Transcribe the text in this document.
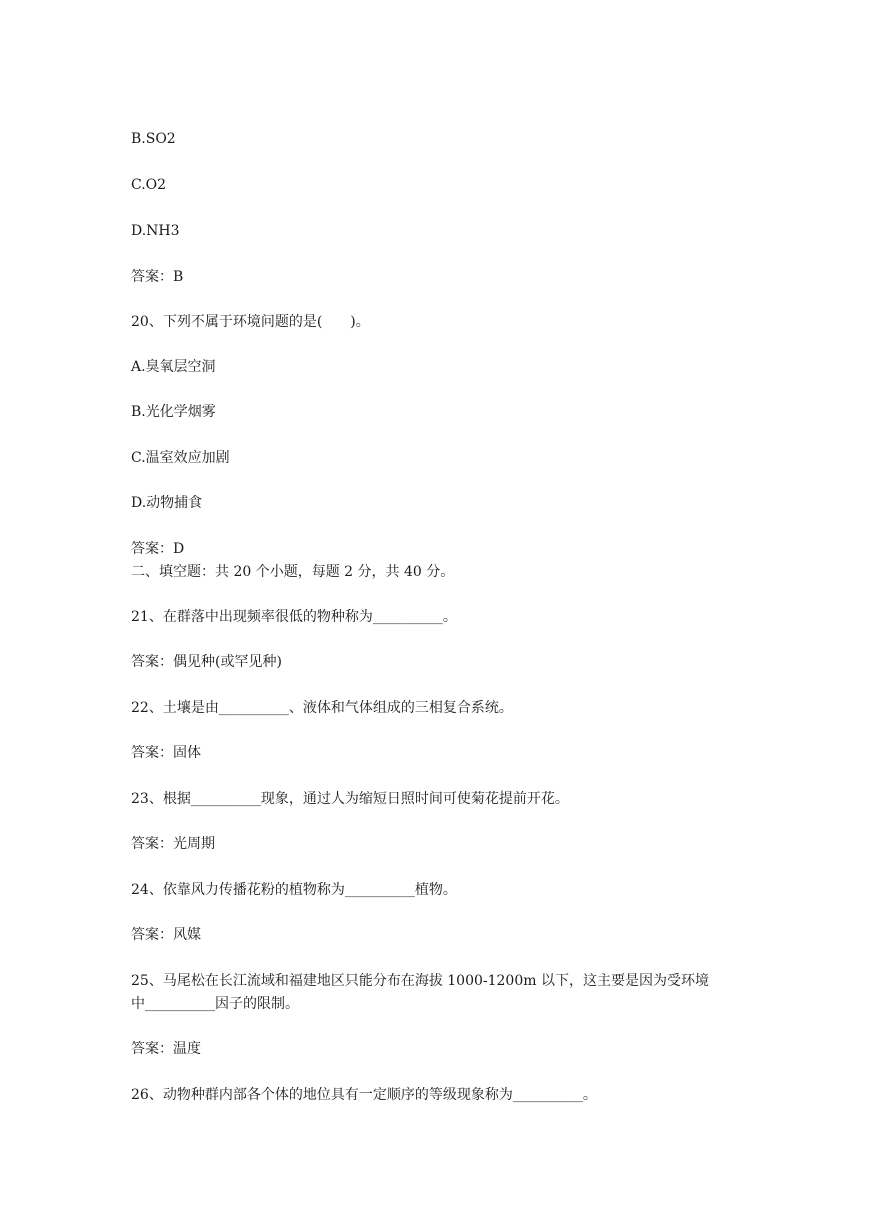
B.SO2
C.O2
D.NH3
答案：B
20、下列不属于环境问题的是(　　)。
A.臭氧层空洞
B.光化学烟雾
C.温室效应加剧
D.动物捕食
答案：D
二、填空题：共 20 个小题，每题 2 分，共 40 分。
21、在群落中出现频率很低的物种称为__________。
答案：偶见种(或罕见种)
22、土壤是由__________、液体和气体组成的三相复合系统。
答案：固体
23、根据__________现象，通过人为缩短日照时间可使菊花提前开花。
答案：光周期
24、依靠风力传播花粉的植物称为__________植物。
答案：风媒
25、马尾松在长江流域和福建地区只能分布在海拔 1000-1200m 以下，这主要是因为受环境
中__________因子的限制。
答案：温度
26、动物种群内部各个体的地位具有一定顺序的等级现象称为__________。
